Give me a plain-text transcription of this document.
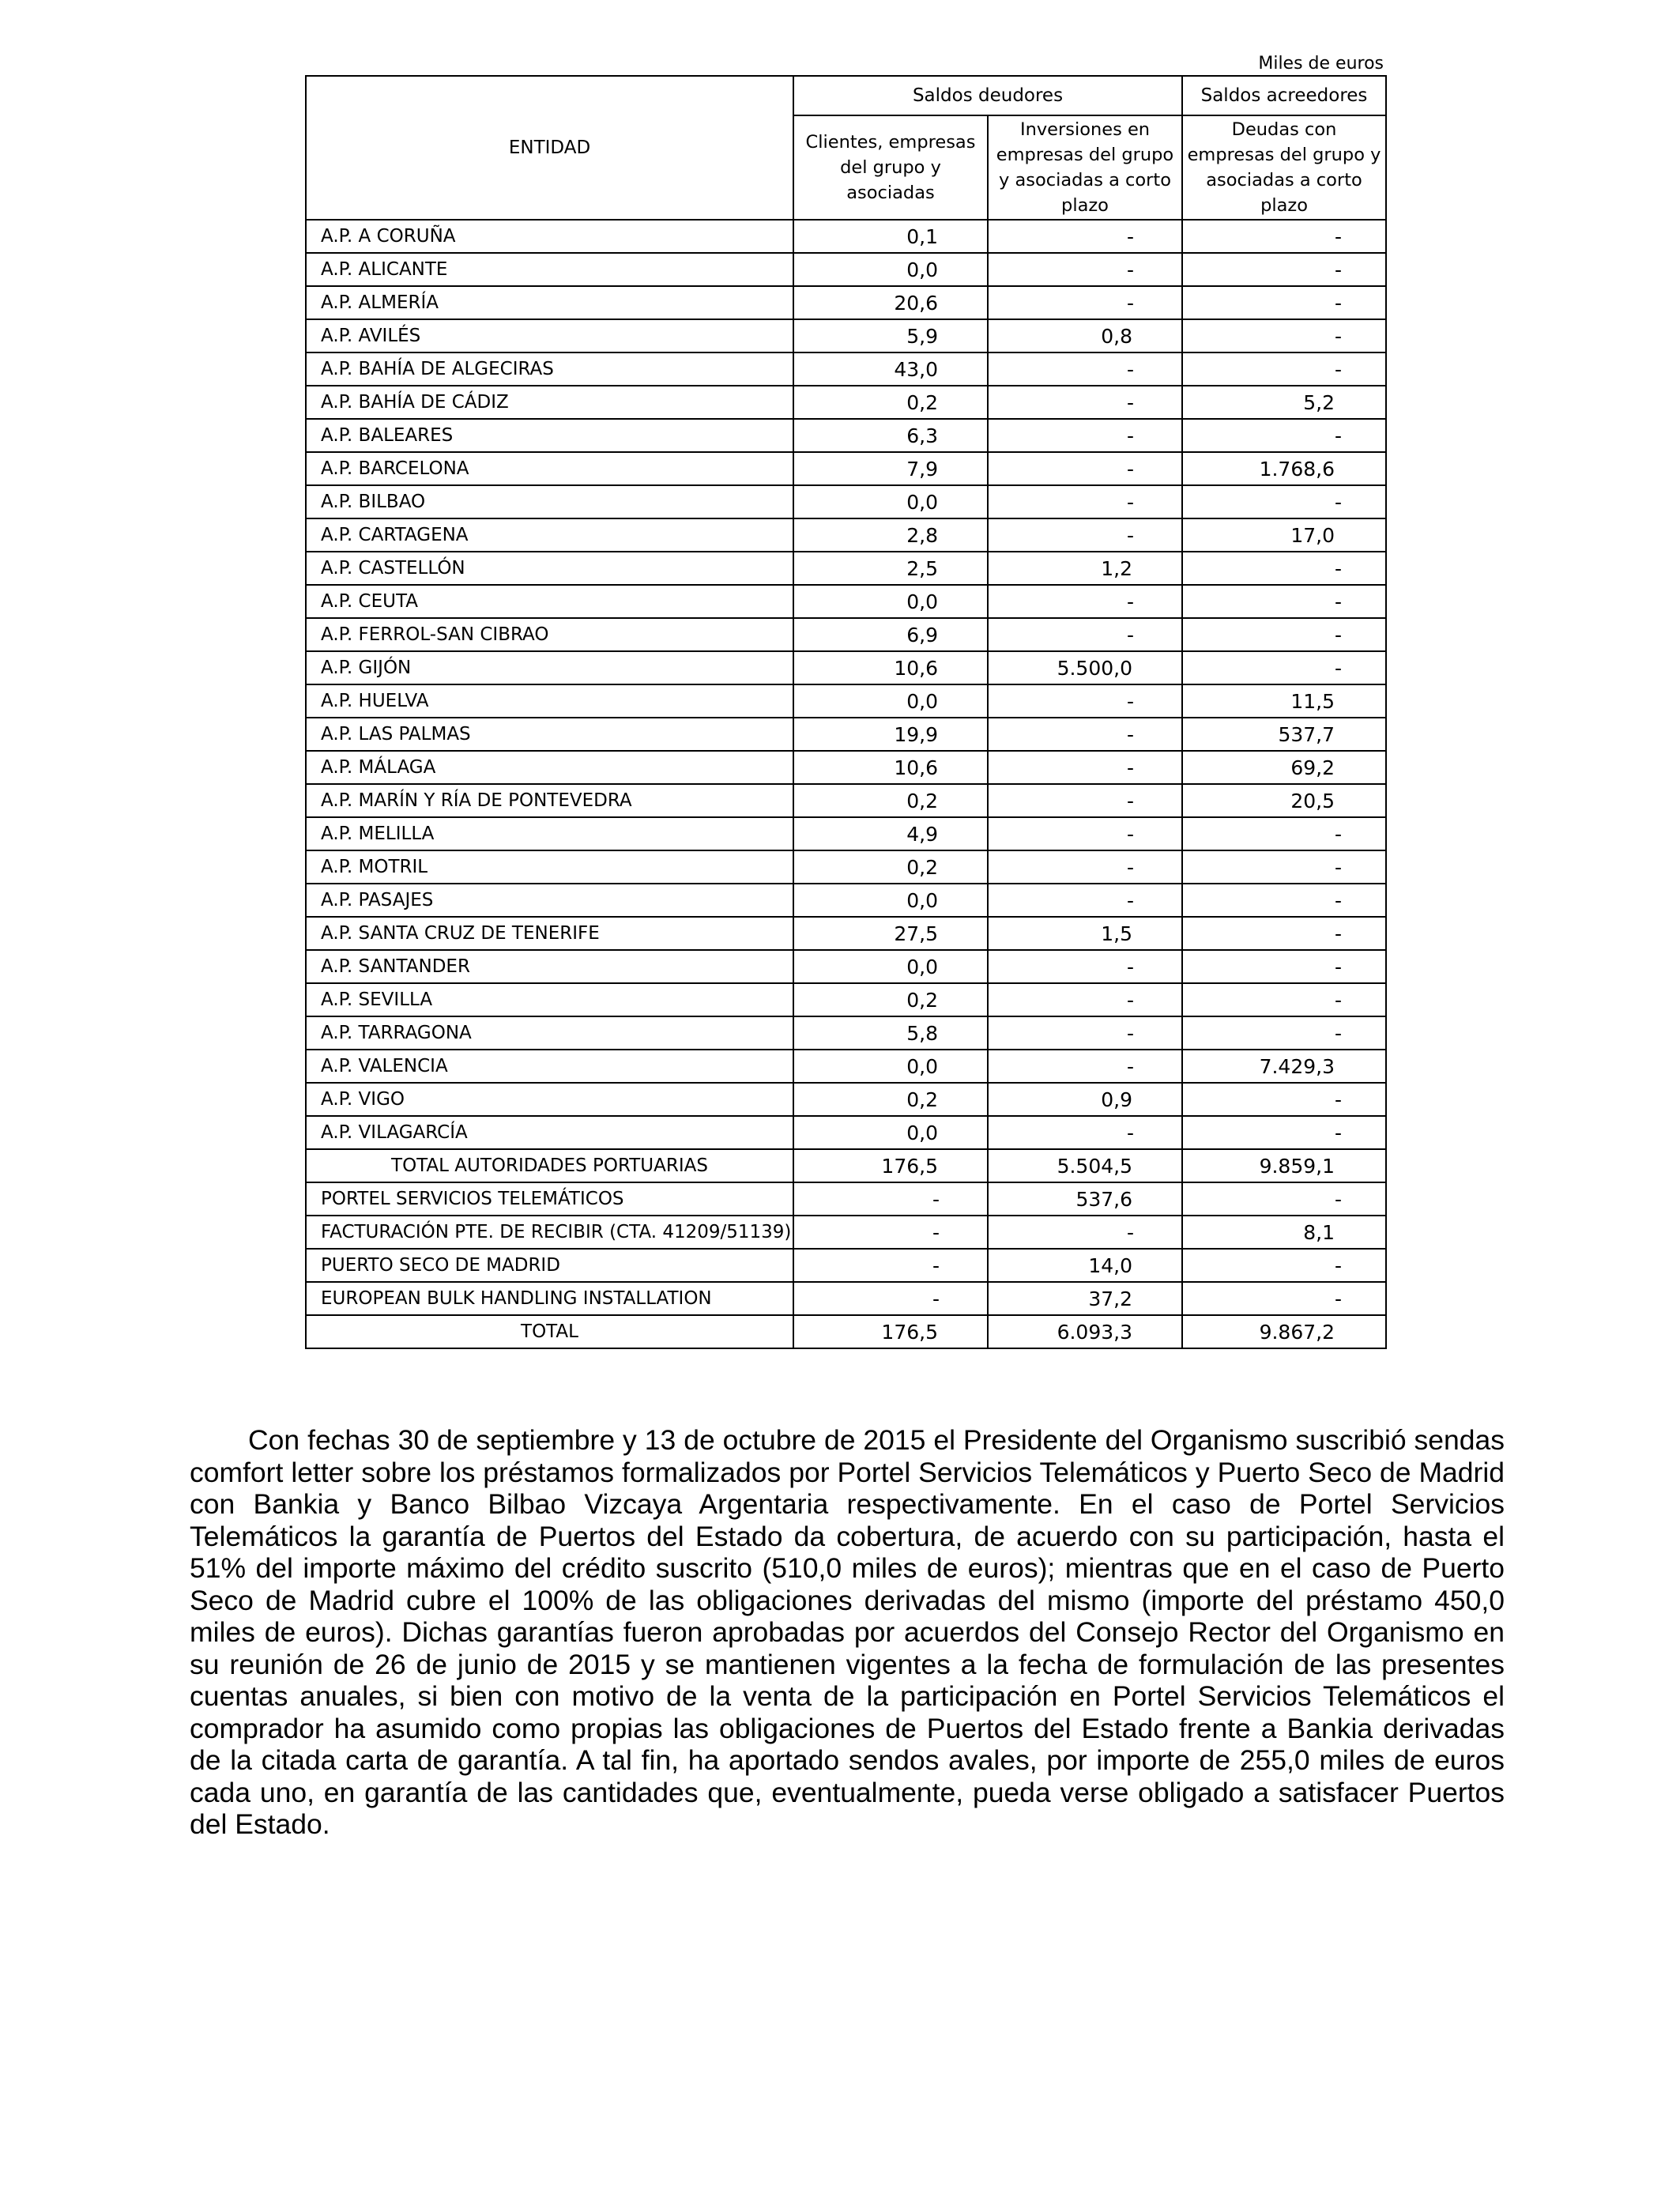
Miles de euros
ENTIDAD	Saldos deudores		Saldos acreedores
	Clientes, empresas del grupo y asociadas	Inversiones en empresas del grupo y asociadas a corto plazo	Deudas con empresas del grupo y asociadas a corto plazo
A.P. A CORUÑA	0,1	-	-
A.P. ALICANTE	0,0	-	-
A.P. ALMERÍA	20,6	-	-
A.P. AVILÉS	5,9	0,8	-
A.P. BAHÍA DE ALGECIRAS	43,0	-	-
A.P. BAHÍA DE CÁDIZ	0,2	-	5,2
A.P. BALEARES	6,3	-	-
A.P. BARCELONA	7,9	-	1.768,6
A.P. BILBAO	0,0	-	-
A.P. CARTAGENA	2,8	-	17,0
A.P. CASTELLÓN	2,5	1,2	-
A.P. CEUTA	0,0	-	-
A.P. FERROL-SAN CIBRAO	6,9	-	-
A.P. GIJÓN	10,6	5.500,0	-
A.P. HUELVA	0,0	-	11,5
A.P. LAS PALMAS	19,9	-	537,7
A.P. MÁLAGA	10,6	-	69,2
A.P. MARÍN Y RÍA DE PONTEVEDRA	0,2	-	20,5
A.P. MELILLA	4,9	-	-
A.P. MOTRIL	0,2	-	-
A.P. PASAJES	0,0	-	-
A.P. SANTA CRUZ DE TENERIFE	27,5	1,5	-
A.P. SANTANDER	0,0	-	-
A.P. SEVILLA	0,2	-	-
A.P. TARRAGONA	5,8	-	-
A.P. VALENCIA	0,0	-	7.429,3
A.P. VIGO	0,2	0,9	-
A.P. VILAGARCÍA	0,0	-	-
TOTAL AUTORIDADES PORTUARIAS	176,5	5.504,5	9.859,1
PORTEL SERVICIOS TELEMÁTICOS	-	537,6	-
FACTURACIÓN PTE. DE RECIBIR (CTA. 41209/51139)	-	-	8,1
PUERTO SECO DE MADRID	-	14,0	-
EUROPEAN BULK HANDLING INSTALLATION	-	37,2	-
TOTAL	176,5	6.093,3	9.867,2

Con fechas 30 de septiembre y 13 de octubre de 2015 el Presidente del Organismo suscribió sendas comfort letter sobre los préstamos formalizados por Portel Servicios Telemáticos y Puerto Seco de Madrid con Bankia y Banco Bilbao Vizcaya Argentaria respectivamente. En el caso de Portel Servicios Telemáticos la garantía de Puertos del Estado da cobertura, de acuerdo con su participación, hasta el 51% del importe máximo del crédito suscrito (510,0 miles de euros); mientras que en el caso de Puerto Seco de Madrid cubre el 100% de las obligaciones derivadas del mismo (importe del préstamo 450,0 miles de euros). Dichas garantías fueron aprobadas por acuerdos del Consejo Rector del Organismo en su reunión de 26 de junio de 2015 y se mantienen vigentes a la fecha de formulación de las presentes cuentas anuales, si bien con motivo de la venta de la participación en Portel Servicios Telemáticos el comprador ha asumido como propias las obligaciones de Puertos del Estado frente a Bankia derivadas de la citada carta de garantía. A tal fin, ha aportado sendos avales, por importe de 255,0 miles de euros cada uno, en garantía de las cantidades que, eventualmente, pueda verse obligado a satisfacer Puertos del Estado.
